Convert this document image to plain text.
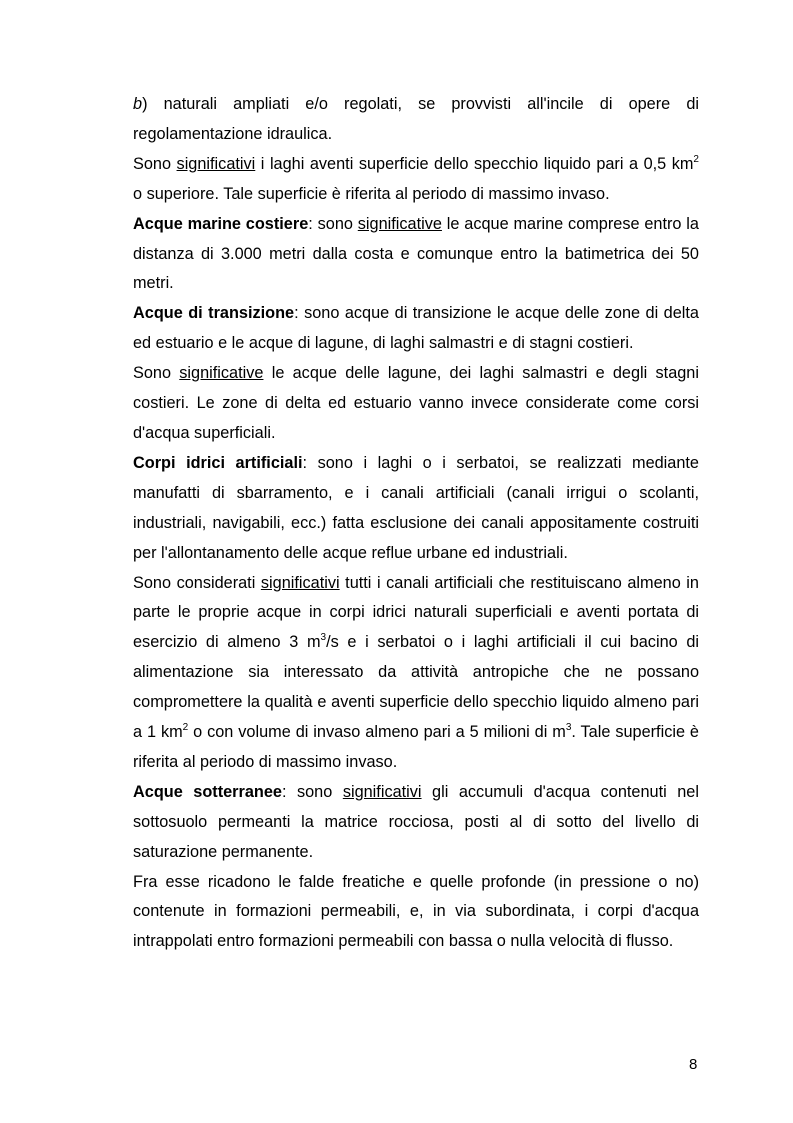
b) naturali ampliati e/o regolati, se provvisti all'incile di opere di regolamentazione idraulica.

Sono significativi i laghi aventi superficie dello specchio liquido pari a 0,5 $km^2$ o superiore. Tale superficie è riferita al periodo di massimo invaso.

Acque marine costiere: sono significative le acque marine comprese entro la distanza di 3.000 metri dalla costa e comunque entro la batimetrica dei 50 metri.

Acque di transizione: sono acque di transizione le acque delle zone di delta ed estuario e le acque di lagune, di laghi salmastri e di stagni costieri.

Sono significative le acque delle lagune, dei laghi salmastri e degli stagni costieri. Le zone di delta ed estuario vanno invece considerate come corsi d'acqua superficiali.

Corpi idrici artificiali: sono i laghi o i serbatoi, se realizzati mediante manufatti di sbarramento, e i canali artificiali (canali irrigui o scolanti, industriali, navigabili, ecc.) fatta esclusione dei canali appositamente costruiti per l'allontanamento delle acque reflue urbane ed industriali.

Sono considerati significativi tutti i canali artificiali che restituiscano almeno in parte le proprie acque in corpi idrici naturali superficiali e aventi portata di esercizio di almeno 3 $m^3/s$ e i serbatoi o i laghi artificiali il cui bacino di alimentazione sia interessato da attività antropiche che ne possano compromettere la qualità e aventi superficie dello specchio liquido almeno pari a 1 $km^2$ o con volume di invaso almeno pari a 5 milioni di $m^3$. Tale superficie è riferita al periodo di massimo invaso.

Acque sotterranee: sono significativi gli accumuli d'acqua contenuti nel sottosuolo permeanti la matrice rocciosa, posti al di sotto del livello di saturazione permanente.

Fra esse ricadono le falde freatiche e quelle profonde (in pressione o no) contenute in formazioni permeabili, e, in via subordinata, i corpi d'acqua intrappolati entro formazioni permeabili con bassa o nulla velocità di flusso.

8
